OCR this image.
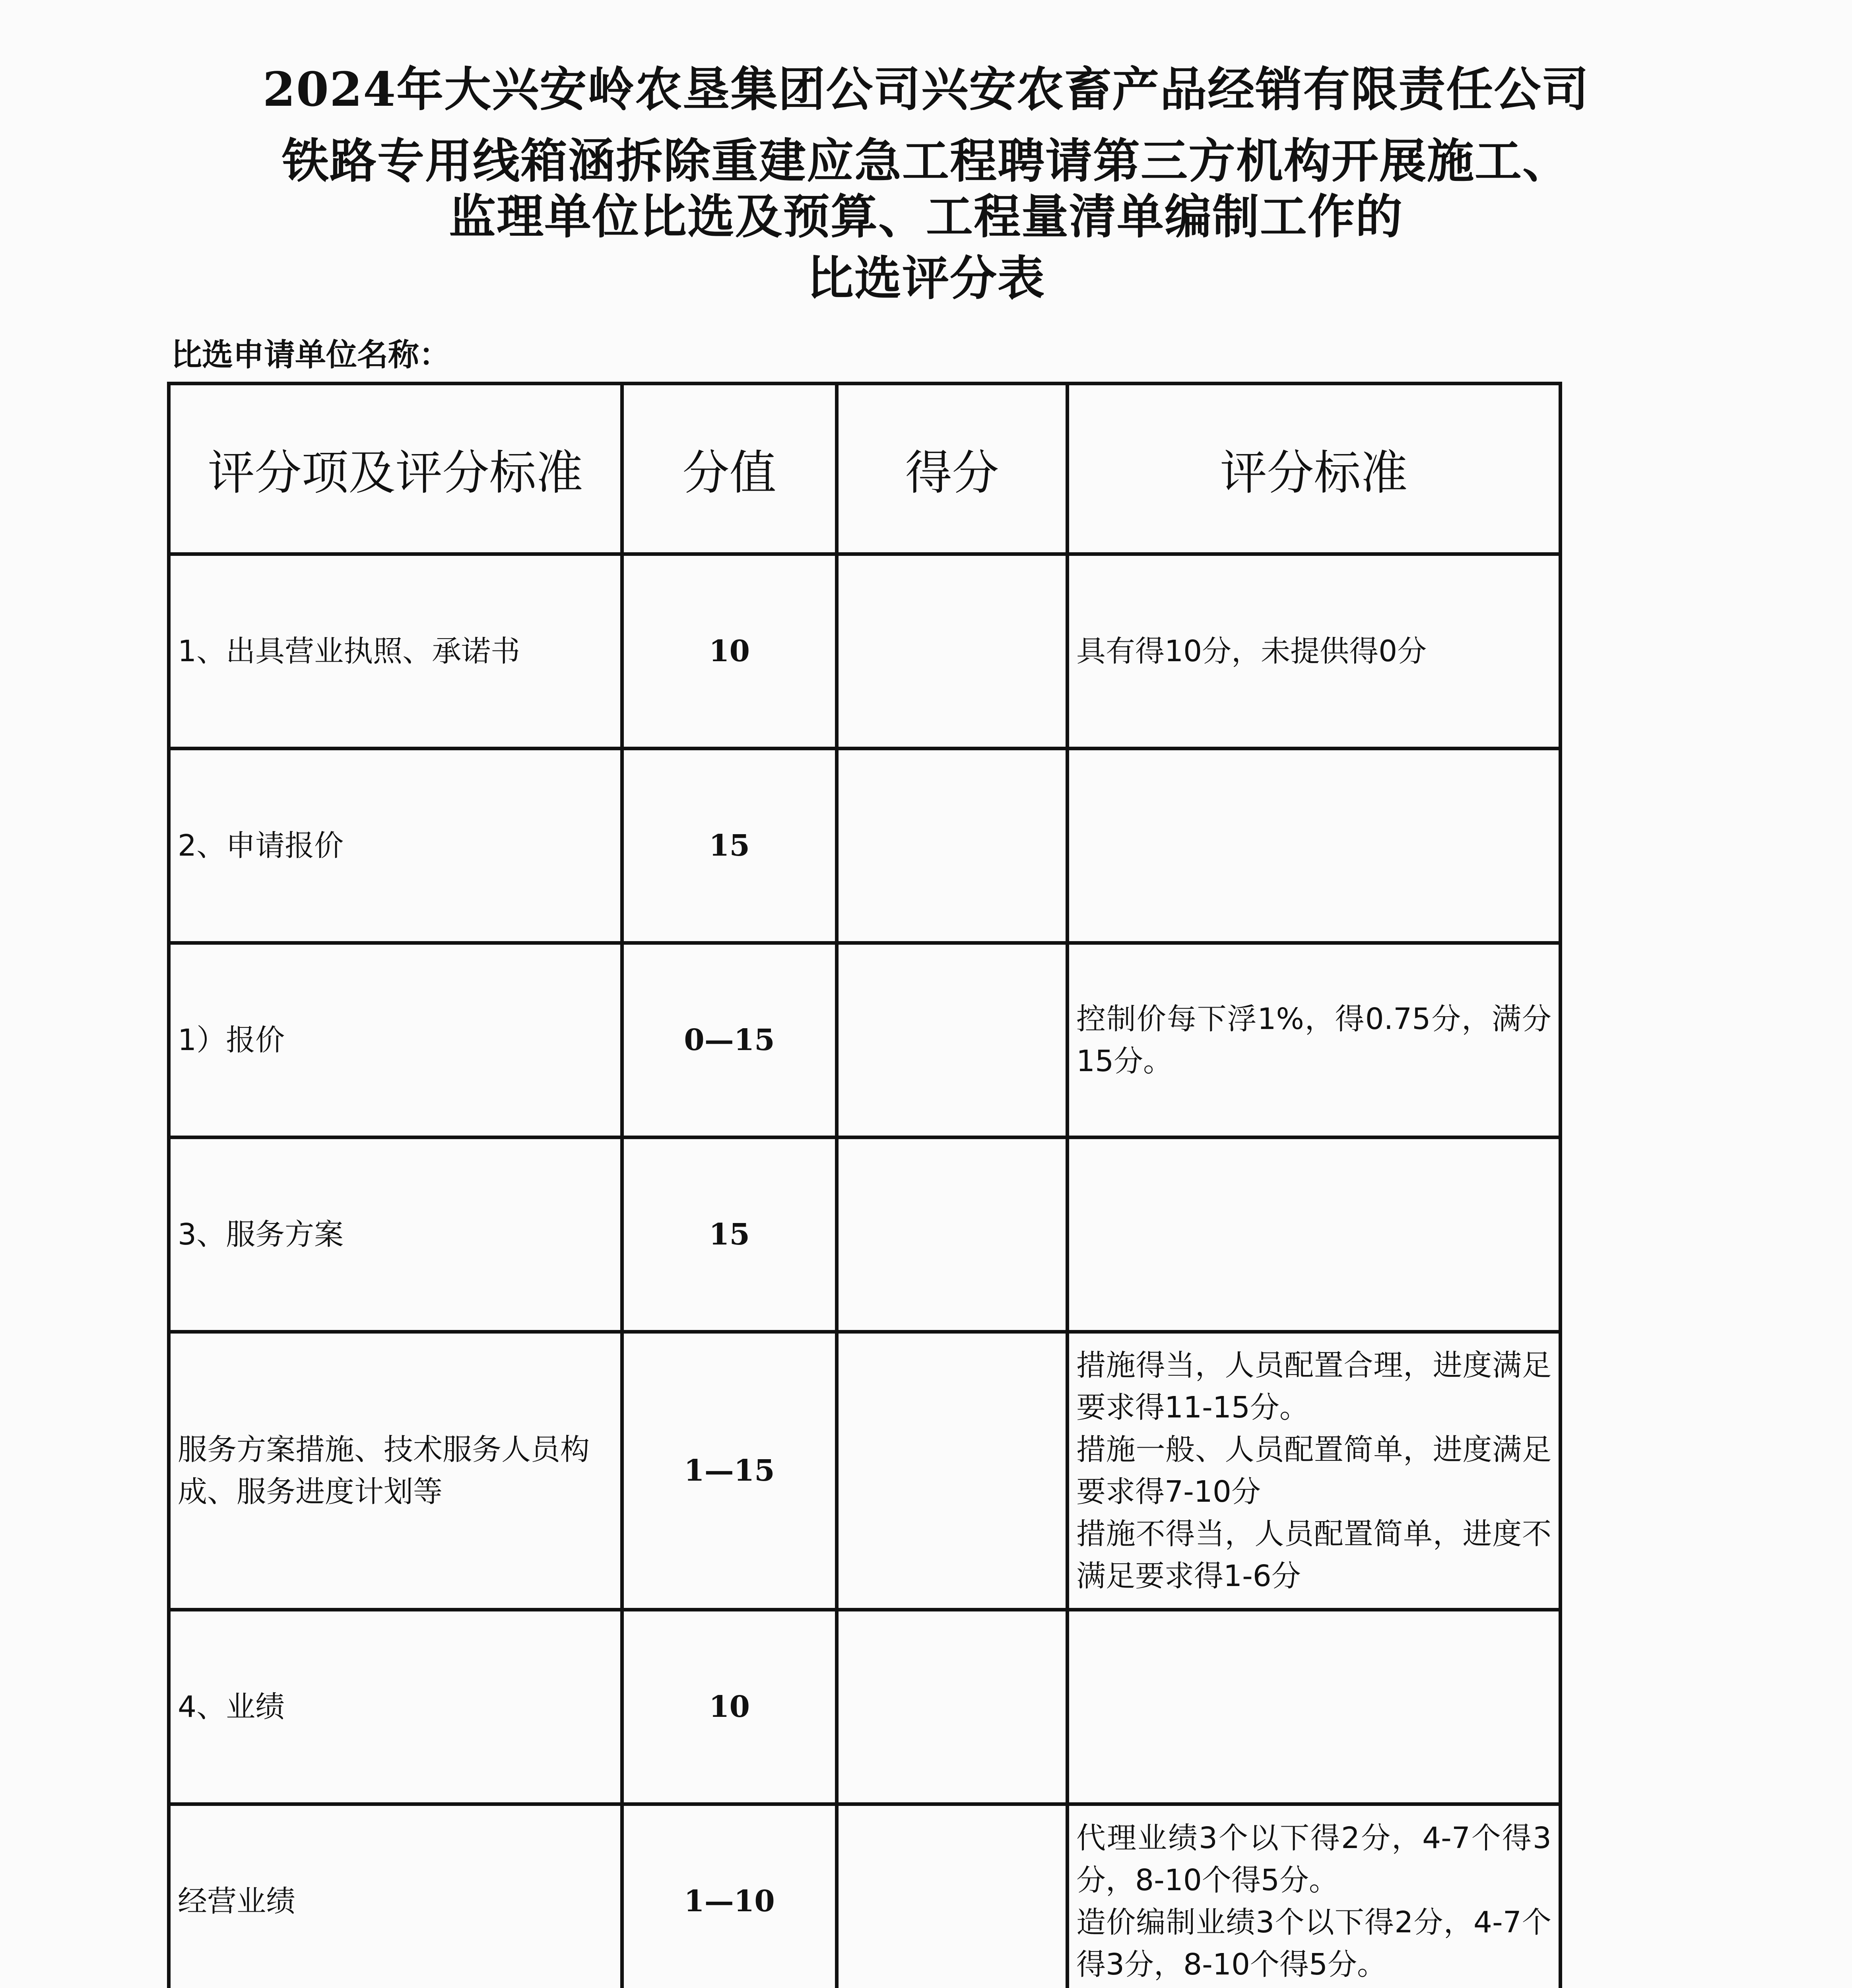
2024年大兴安岭农垦集团公司兴安农畜产品经销有限责任公司
铁路专用线箱涵拆除重建应急工程聘请第三方机构开展施工、
监理单位比选及预算、工程量清单编制工作的
比选评分表
比选申请单位名称：
评分项及评分标准	分值	得分	评分标准
1、出具营业执照、承诺书	10		具有得10分，未提供得0分
2、申请报价	15		
1）报价	0—15		控制价每下浮1%，得0.75分，满分15分。
3、服务方案	15		
服务方案措施、技术服务人员构成、服务进度计划等	1—15		措施得当，人员配置合理，进度满足要求得11-15分。
措施一般、人员配置简单，进度满足要求得7-10分
措施不得当，人员配置简单，进度不满足要求得1-6分

4、业绩	10		
经营业绩	1—10		代理业绩3个以下得2分，4-7个得3分，8-10个得5分。
造价编制业绩3个以下得2分，4-7个得3分，8-10个得5分。
